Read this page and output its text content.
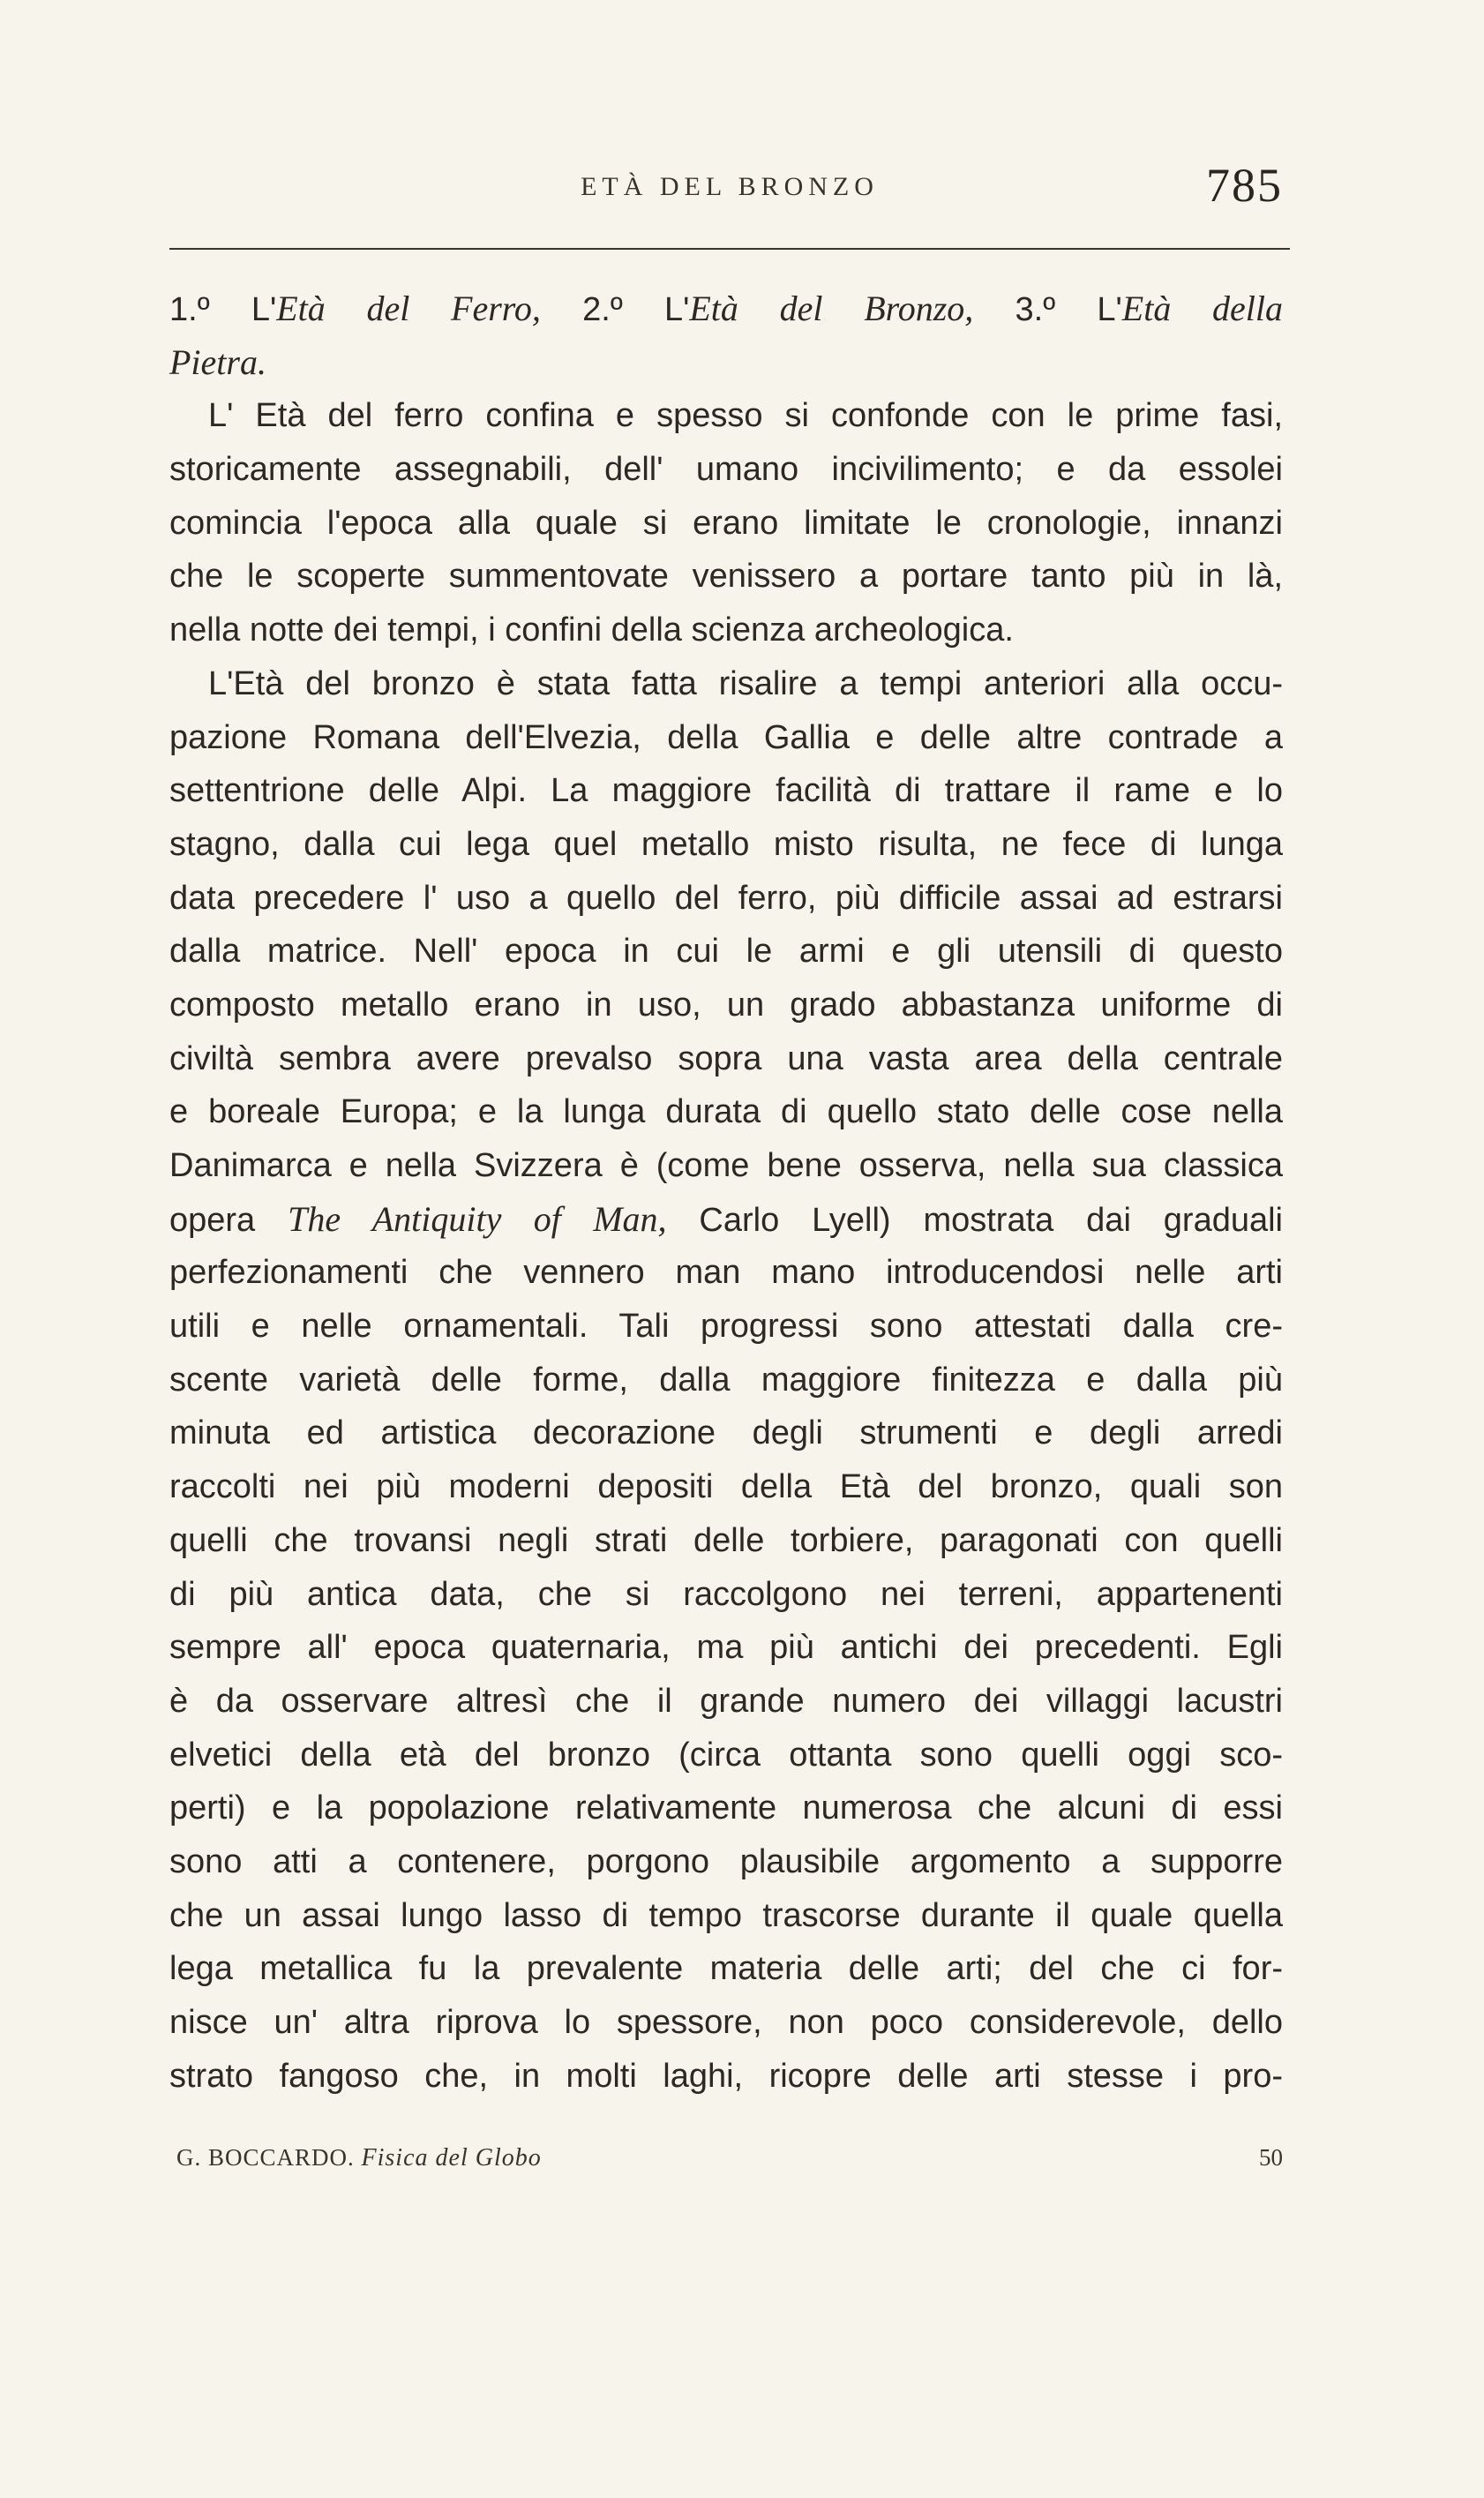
ETÀ DEL BRONZO	785
1.º L'Età del Ferro, 2.º L'Età del Bronzo, 3.º L'Età della
Pietra.
L' Età del ferro confina e spesso si confonde con le prime fasi,
storicamente assegnabili, dell' umano incivilimento; e da essolei
comincia l'epoca alla quale si erano limitate le cronologie, innanzi
che le scoperte summentovate venissero a portare tanto più in là,
nella notte dei tempi, i confini della scienza archeologica.
L'Età del bronzo è stata fatta risalire a tempi anteriori alla occu-
pazione Romana dell'Elvezia, della Gallia e delle altre contrade a
settentrione delle Alpi. La maggiore facilità di trattare il rame e lo
stagno, dalla cui lega quel metallo misto risulta, ne fece di lunga
data precedere l' uso a quello del ferro, più difficile assai ad estrarsi
dalla matrice. Nell' epoca in cui le armi e gli utensili di questo
composto metallo erano in uso, un grado abbastanza uniforme di
civiltà sembra avere prevalso sopra una vasta area della centrale
e boreale Europa; e la lunga durata di quello stato delle cose nella
Danimarca e nella Svizzera è (come bene osserva, nella sua classica
opera The Antiquity of Man, Carlo Lyell) mostrata dai graduali
perfezionamenti che vennero man mano introducendosi nelle arti
utili e nelle ornamentali. Tali progressi sono attestati dalla cre-
scente varietà delle forme, dalla maggiore finitezza e dalla più
minuta ed artistica decorazione degli strumenti e degli arredi
raccolti nei più moderni depositi della Età del bronzo, quali son
quelli che trovansi negli strati delle torbiere, paragonati con quelli
di più antica data, che si raccolgono nei terreni, appartenenti
sempre all' epoca quaternaria, ma più antichi dei precedenti. Egli
è da osservare altresì che il grande numero dei villaggi lacustri
elvetici della età del bronzo (circa ottanta sono quelli oggi sco-
perti) e la popolazione relativamente numerosa che alcuni di essi
sono atti a contenere, porgono plausibile argomento a supporre
che un assai lungo lasso di tempo trascorse durante il quale quella
lega metallica fu la prevalente materia delle arti; del che ci for-
nisce un' altra riprova lo spessore, non poco considerevole, dello
strato fangoso che, in molti laghi, ricopre delle arti stesse i pro-
G. BOCCARDO. Fisica del Globo	50
